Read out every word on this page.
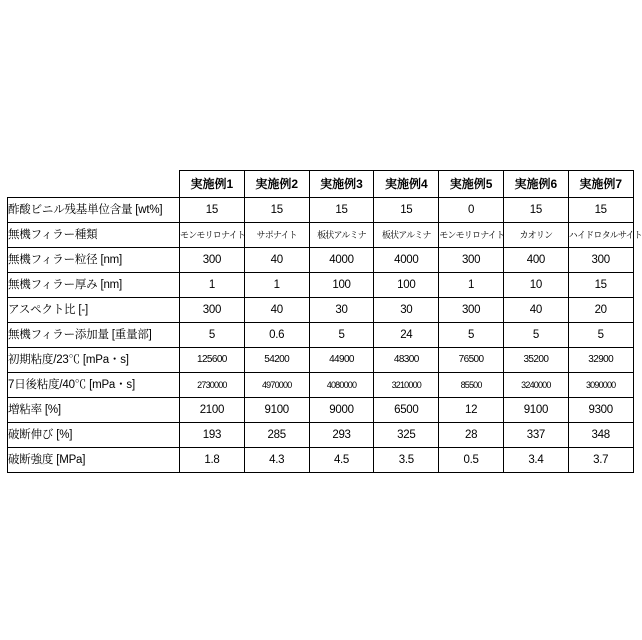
	実施例1	実施例2	実施例3	実施例4	実施例5	実施例6	実施例7
酢酸ビニル残基単位含量 [wt%]	15	15	15	15	0	15	15
無機フィラー種類	モンモリロナイト	サポナイト	板状アルミナ	板状アルミナ	モンモリロナイト	カオリン	ハイドロタルサイト
無機フィラー粒径 [nm]	300	40	4000	4000	300	400	300
無機フィラー厚み [nm]	1	1	100	100	1	10	15
アスペクト比 [-]	300	40	30	30	300	40	20
無機フィラー添加量 [重量部]	5	0.6	5	24	5	5	5
初期粘度/23℃ [mPa・s]	125600	54200	44900	48300	76500	35200	32900
7日後粘度/40℃ [mPa・s]	2730000	4970000	4080000	3210000	85500	3240000	3090000
増粘率 [%]	2100	9100	9000	6500	12	9100	9300
破断伸び [%]	193	285	293	325	28	337	348
破断強度 [MPa]	1.8	4.3	4.5	3.5	0.5	3.4	3.7
